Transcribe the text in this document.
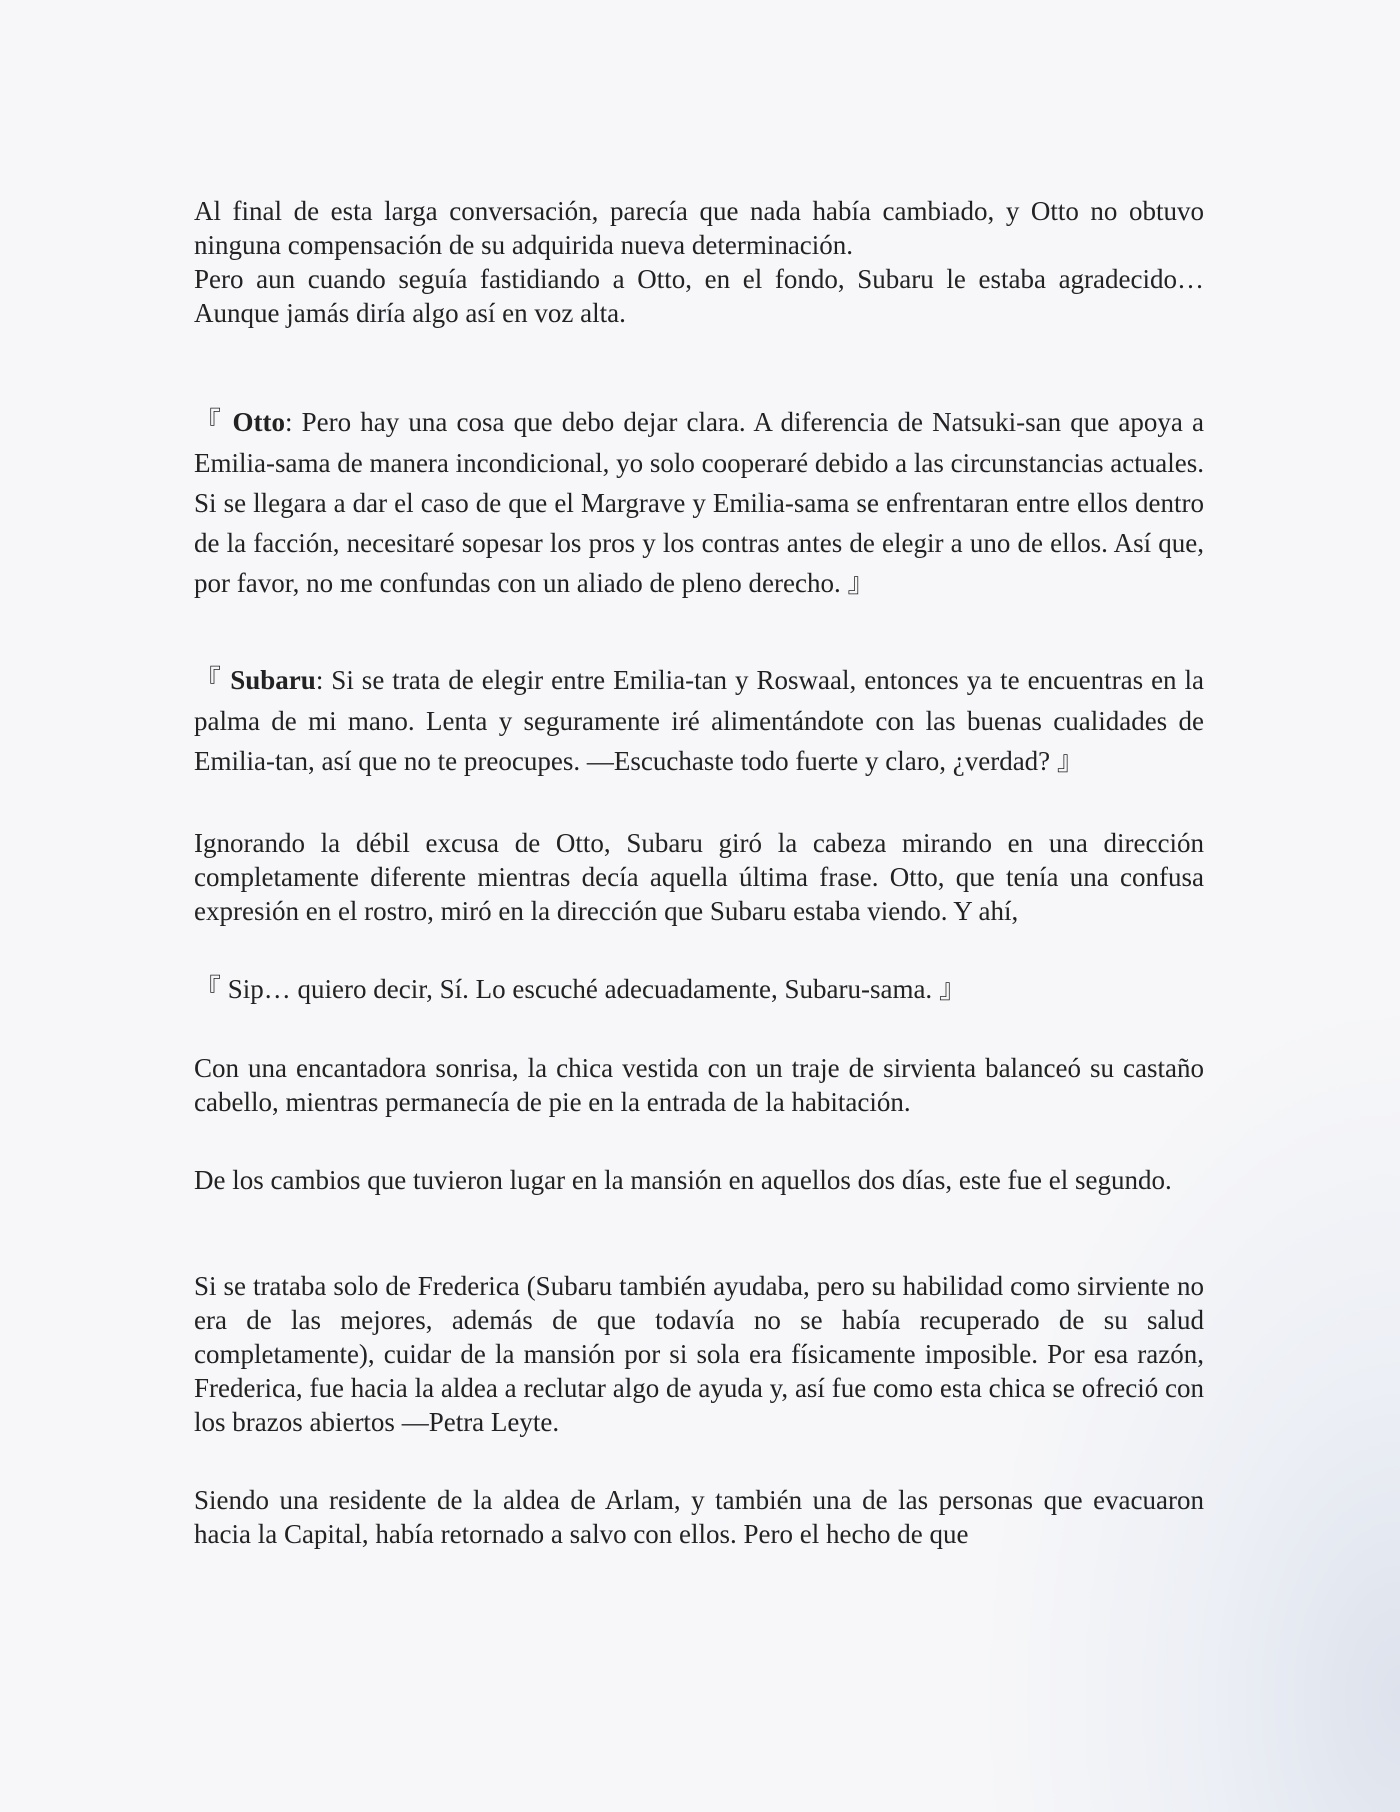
Al final de esta larga conversación, parecía que nada había cambiado, y Otto no obtuvo ninguna compensación de su adquirida nueva determinación.
Pero aun cuando seguía fastidiando a Otto, en el fondo, Subaru le estaba agradecido… Aunque jamás diría algo así en voz alta.

『 Otto: Pero hay una cosa que debo dejar clara. A diferencia de Natsuki-san que apoya a Emilia-sama de manera incondicional, yo solo cooperaré debido a las circunstancias actuales. Si se llegara a dar el caso de que el Margrave y Emilia-sama se enfrentaran entre ellos dentro de la facción, necesitaré sopesar los pros y los contras antes de elegir a uno de ellos. Así que, por favor, no me confundas con un aliado de pleno derecho. 』

『 Subaru: Si se trata de elegir entre Emilia-tan y Roswaal, entonces ya te encuentras en la palma de mi mano. Lenta y seguramente iré alimentándote con las buenas cualidades de Emilia-tan, así que no te preocupes. —Escuchaste todo fuerte y claro, ¿verdad? 』

Ignorando la débil excusa de Otto, Subaru giró la cabeza mirando en una dirección completamente diferente mientras decía aquella última frase. Otto, que tenía una confusa expresión en el rostro, miró en la dirección que Subaru estaba viendo. Y ahí,

『 Sip… quiero decir, Sí. Lo escuché adecuadamente, Subaru-sama. 』

Con una encantadora sonrisa, la chica vestida con un traje de sirvienta balanceó su castaño cabello, mientras permanecía de pie en la entrada de la habitación.

De los cambios que tuvieron lugar en la mansión en aquellos dos días, este fue el segundo.

Si se trataba solo de Frederica (Subaru también ayudaba, pero su habilidad como sirviente no era de las mejores, además de que todavía no se había recuperado de su salud completamente), cuidar de la mansión por si sola era físicamente imposible. Por esa razón, Frederica, fue hacia la aldea a reclutar algo de ayuda y, así fue como esta chica se ofreció con los brazos abiertos —Petra Leyte.

Siendo una residente de la aldea de Arlam, y también una de las personas que evacuaron hacia la Capital, había retornado a salvo con ellos. Pero el hecho de que
